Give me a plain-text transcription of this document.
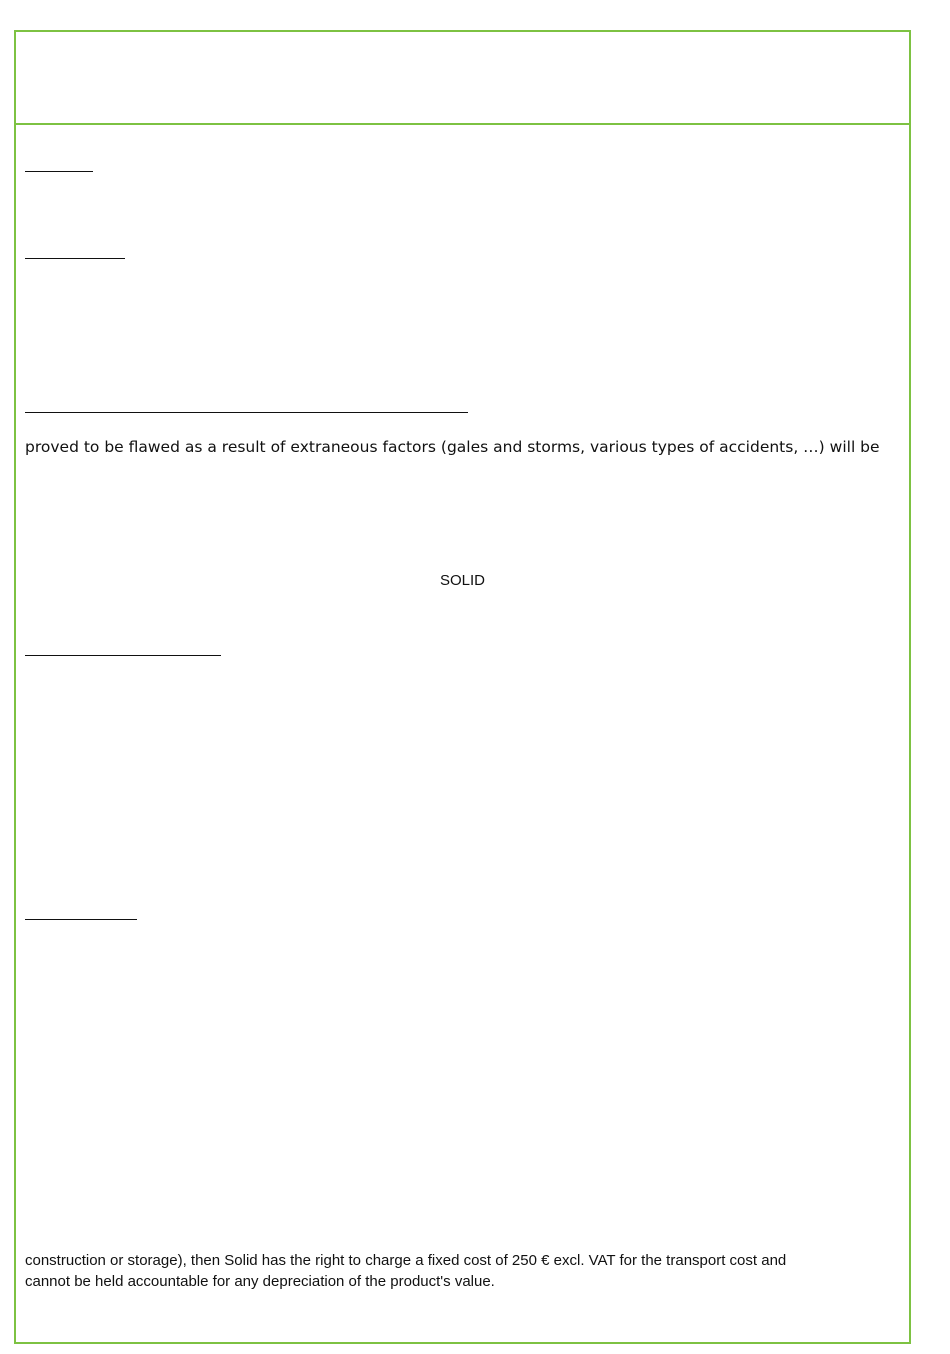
proved to be flawed as a result of extraneous factors (gales and storms, various types of accidents, …) will be
SOLID
construction or storage), then Solid has the right to charge a fixed cost of 250 € excl. VAT for the transport cost and
cannot be held accountable for any depreciation of the product's value.
